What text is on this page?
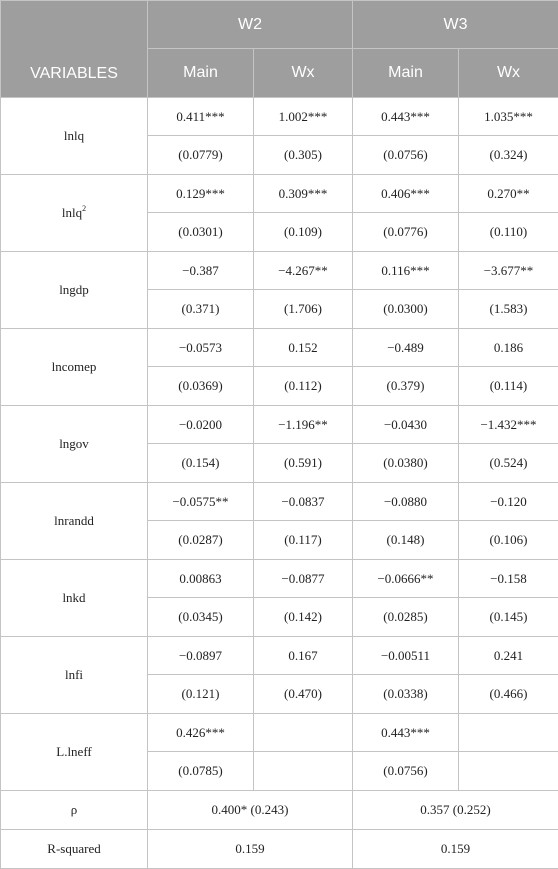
VARIABLES	W2		W3	
	Main	Wx	Main	Wx
lnlq	0.411***	1.002***	0.443***	1.035***
	(0.0779)	(0.305)	(0.0756)	(0.324)
lnlq$^2$	0.129***	0.309***	0.406***	0.270**
	(0.0301)	(0.109)	(0.0776)	(0.110)
lngdp	−0.387	−4.267**	0.116***	−3.677**
	(0.371)	(1.706)	(0.0300)	(1.583)
lncomep	−0.0573	0.152	−0.489	0.186
	(0.0369)	(0.112)	(0.379)	(0.114)
lngov	−0.0200	−1.196**	−0.0430	−1.432***
	(0.154)	(0.591)	(0.0380)	(0.524)
lnrandd	−0.0575**	−0.0837	−0.0880	−0.120
	(0.0287)	(0.117)	(0.148)	(0.106)
lnkd	0.00863	−0.0877	−0.0666**	−0.158
	(0.0345)	(0.142)	(0.0285)	(0.145)
lnfi	−0.0897	0.167	−0.00511	0.241
	(0.121)	(0.470)	(0.0338)	(0.466)
L.lneff	0.426***		0.443***	
	(0.0785)		(0.0756)	
ρ	0.400* (0.243)		0.357 (0.252)	
R-squared	0.159		0.159	
